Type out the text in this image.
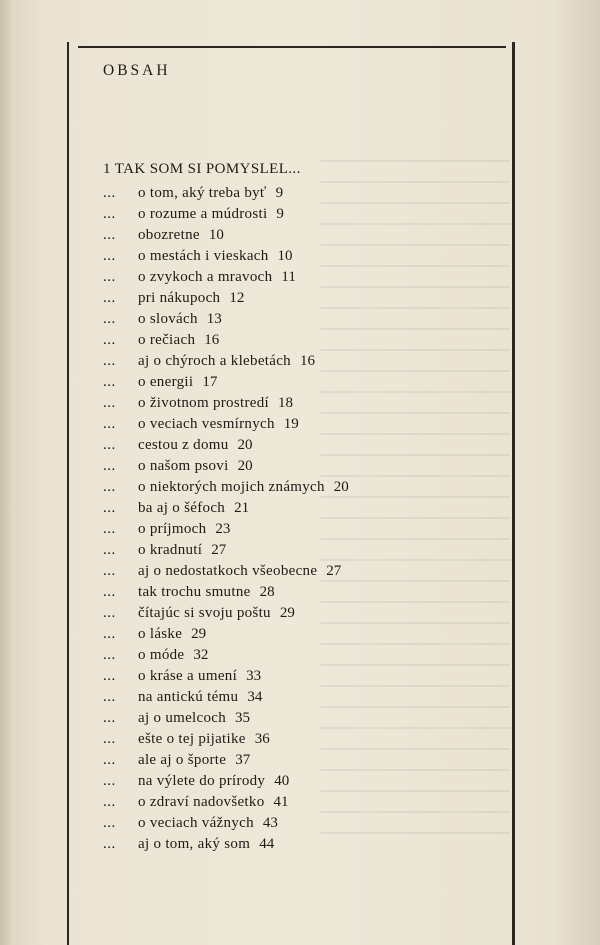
OBSAH
1 TAK SOM SI POMYSLEL...
... o tom, aký treba byť 9
... o rozume a múdrosti 9
... obozretne 10
... o mestách i vieskach 10
... o zvykoch a mravoch 11
... pri nákupoch 12
... o slovách 13
... o rečiach 16
... aj o chýroch a klebetách 16
... o energii 17
... o životnom prostredí 18
... o veciach vesmírnych 19
... cestou z domu 20
... o našom psovi 20
... o niektorých mojich známych 20
... ba aj o šéfoch 21
... o príjmoch 23
... o kradnutí 27
... aj o nedostatkoch všeobecne 27
... tak trochu smutne 28
... čítajúc si svoju poštu 29
... o láske 29
... o móde 32
... o kráse a umení 33
... na antickú tému 34
... aj o umelcoch 35
... ešte o tej pijatike 36
... ale aj o športe 37
... na výlete do prírody 40
... o zdraví nadovšetko 41
... o veciach vážnych 43
... aj o tom, aký som 44
